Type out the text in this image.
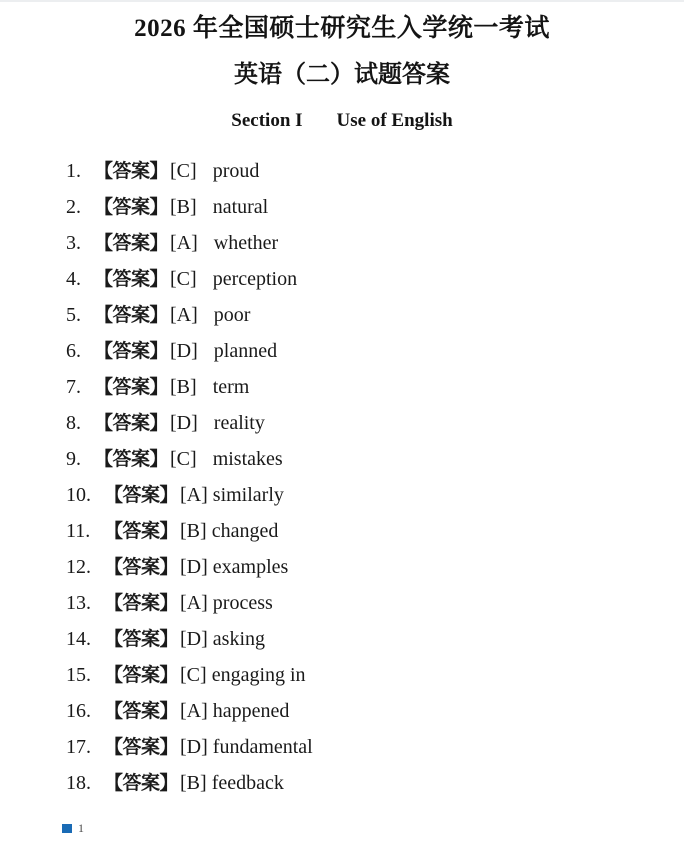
2026 年全国硕士研究生入学统一考试
英语（二）试题答案
Section I Use of English
1. 【答案】 [C] proud
2. 【答案】 [B] natural
3. 【答案】 [A] whether
4. 【答案】 [C] perception
5. 【答案】 [A] poor
6. 【答案】 [D] planned
7. 【答案】 [B] term
8. 【答案】 [D] reality
9. 【答案】 [C] mistakes
10. 【答案】 [A] similarly
11. 【答案】 [B] changed
12. 【答案】 [D] examples
13. 【答案】 [A] process
14. 【答案】 [D] asking
15. 【答案】 [C] engaging in
16. 【答案】 [A] happened
17. 【答案】 [D] fundamental
18. 【答案】 [B] feedback
1
